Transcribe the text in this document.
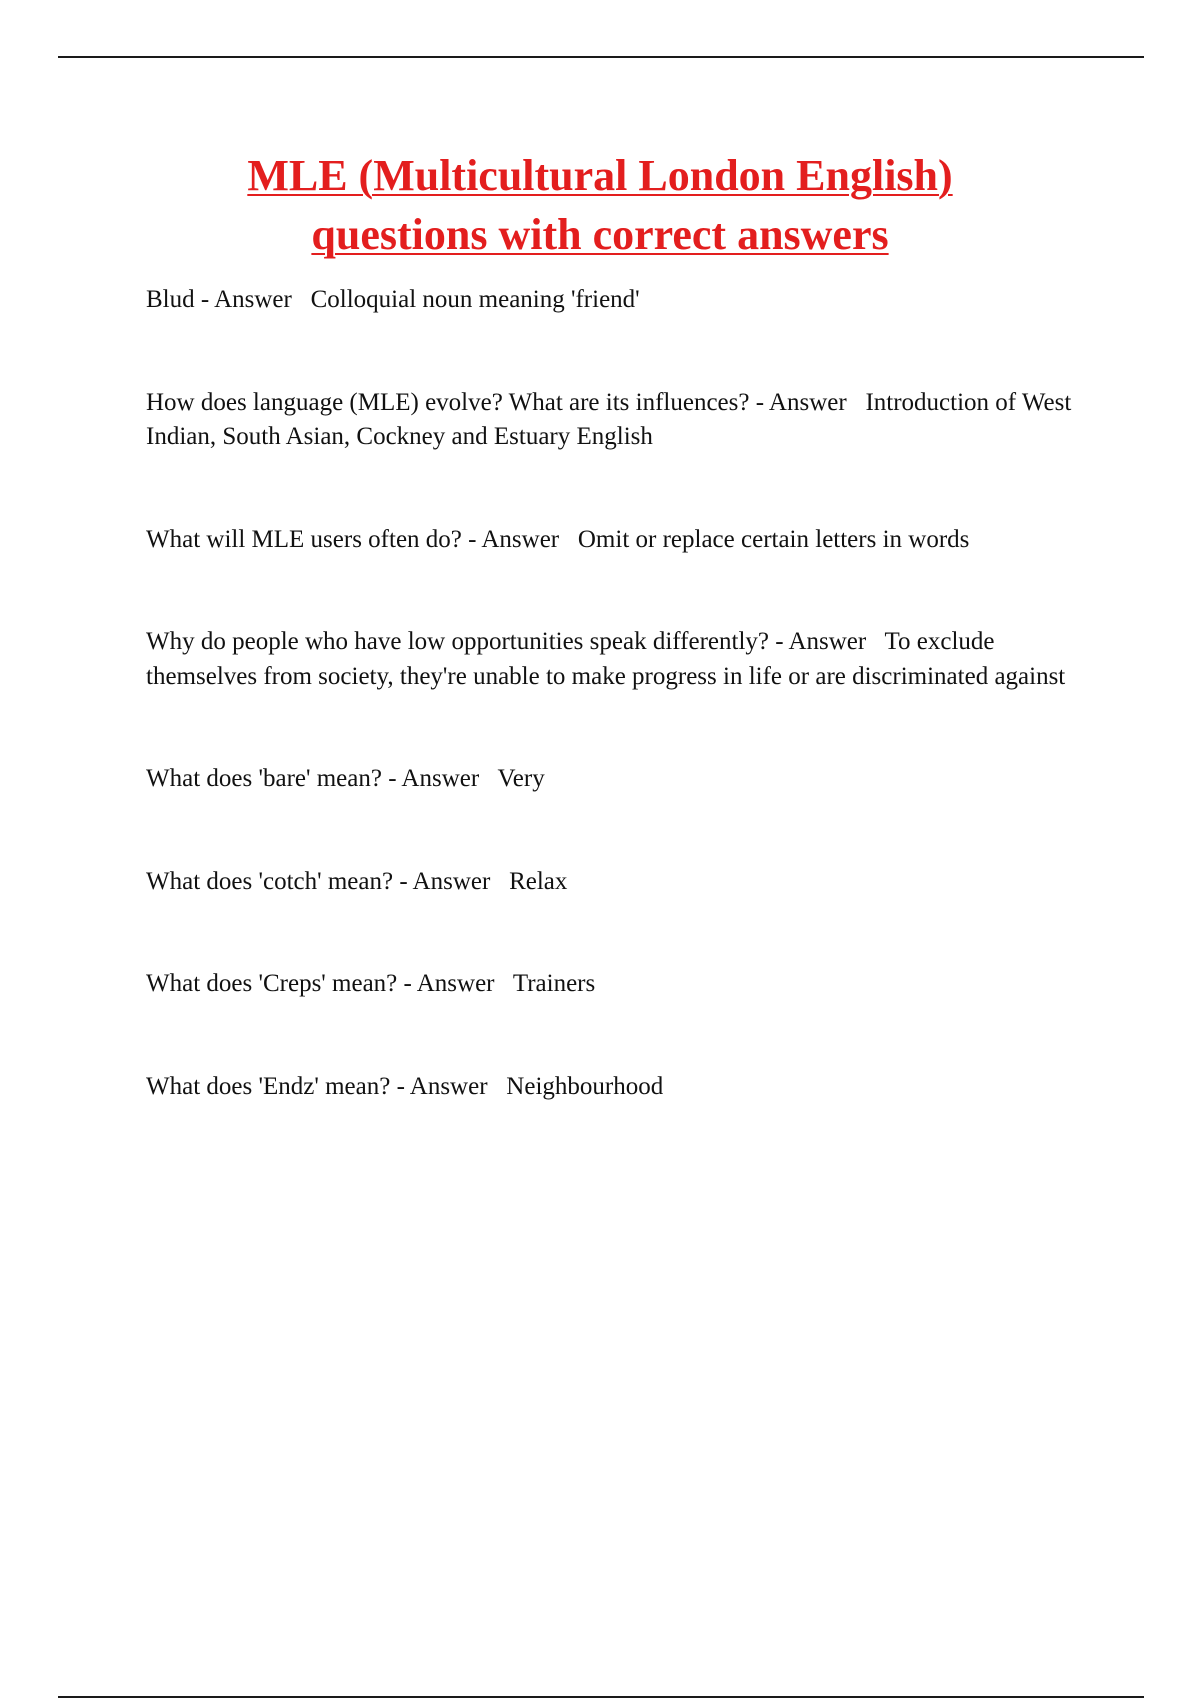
MLE (Multicultural London English)
questions with correct answers
Blud - Answer   Colloquial noun meaning 'friend'
How does language (MLE) evolve? What are its influences? - Answer   Introduction of West Indian, South Asian, Cockney and Estuary English
What will MLE users often do? - Answer   Omit or replace certain letters in words
Why do people who have low opportunities speak differently? - Answer   To exclude themselves from society, they're unable to make progress in life or are discriminated against
What does 'bare' mean? - Answer   Very
What does 'cotch' mean? - Answer   Relax
What does 'Creps' mean? - Answer   Trainers
What does 'Endz' mean? - Answer   Neighbourhood
